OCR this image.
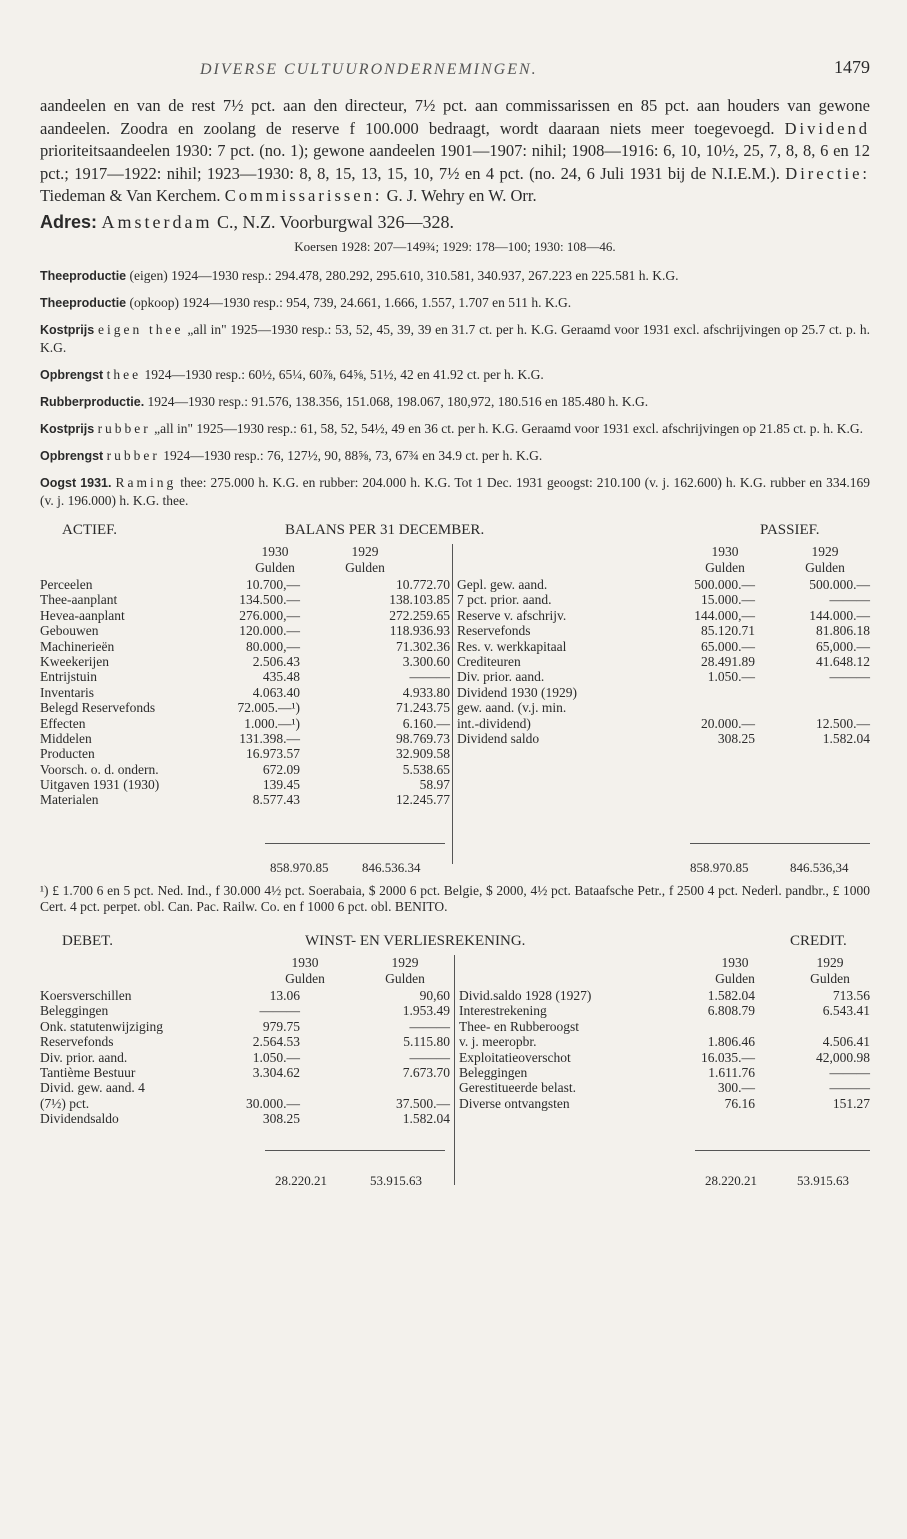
DIVERSE CULTUURONDERNEMINGEN.	1479

aandeelen en van de rest 7½ pct. aan den directeur, 7½ pct. aan commissarissen en 85 pct. aan houders van gewone aandeelen. Zoodra en zoolang de reserve f 100.000 bedraagt, wordt daaraan niets meer toegevoegd. Dividend prioriteitsaandeelen 1930: 7 pct. (no. 1); gewone aandeelen 1901—1907: nihil; 1908—1916: 6, 10, 10½, 25, 7, 8, 8, 6 en 12 pct.; 1917—1922: nihil; 1923—1930: 8, 8, 15, 13, 15, 10, 7½ en 4 pct. (no. 24, 6 Juli 1931 bij de N.I.E.M.). Directie: Tiedeman & Van Kerchem. Commissarissen: G. J. Wehry en W. Orr.

Adres: Amsterdam C., N.Z. Voorburgwal 326—328.

Koersen 1928: 207—149¾; 1929: 178—100; 1930: 108—46.

Theeproductie (eigen) 1924—1930 resp.: 294.478, 280.292, 295.610, 310.581, 340.937, 267.223 en 225.581 h. K.G.

Theeproductie (opkoop) 1924—1930 resp.: 954, 739, 24.661, 1.666, 1.557, 1.707 en 511 h. K.G.

Kostprijs eigen thee „all in" 1925—1930 resp.: 53, 52, 45, 39, 39 en 31.7 ct. per h. K.G. Geraamd voor 1931 excl. afschrijvingen op 25.7 ct. p. h. K.G.

Opbrengst thee 1924—1930 resp.: 60½, 65¼, 60⅞, 64⅝, 51½, 42 en 41.92 ct. per h. K.G.

Rubberproductie. 1924—1930 resp.: 91.576, 138.356, 151.068, 198.067, 180,972, 180.516 en 185.480 h. K.G.

Kostprijs rubber „all in" 1925—1930 resp.: 61, 58, 52, 54½, 49 en 36 ct. per h. K.G. Geraamd voor 1931 excl. afschrijvingen op 21.85 ct. p. h. K.G.

Opbrengst rubber 1924—1930 resp.: 76, 127½, 90, 88⅝, 73, 67¾ en 34.9 ct. per h. K.G.

Oogst 1931. Raming thee: 275.000 h. K.G. en rubber: 204.000 h. K.G. Tot 1 Dec. 1931 geoogst: 210.100 (v. j. 162.600) h. K.G. rubber en 334.169 (v. j. 196.000) h. K.G. thee.

ACTIEF.	BALANS PER 31 DECEMBER.	PASSIEF.
1930	1929	1930	1929
Gulden	Gulden	Gulden	Gulden
Perceelen	10.700,—	10.772.70
Thee-aanplant	134.500.—	138.103.85
Hevea-aanplant	276.000,—	272.259.65
Gebouwen	120.000.—	118.936.93
Machinerieën	80.000,—	71.302.36
Kweekerijen	2.506.43	3.300.60
Entrijstuin	435.48	———
Inventaris	4.063.40	4.933.80
Belegd Reservefonds	72.005.—¹)	71.243.75
Effecten	1.000.—¹)	6.160.—
Middelen	131.398.—	98.769.73
Producten	16.973.57	32.909.58
Voorsch. o. d. ondern.	672.09	5.538.65
Uitgaven 1931 (1930)	139.45	58.97
Materialen	8.577.43	12.245.77
Gepl. gew. aand.	500.000.—	500.000.—
7 pct. prior. aand.	15.000.—	———
Reserve v. afschrijv.	144.000,—	144.000.—
Reservefonds	85.120.71	81.806.18
Res. v. werkkapitaal	65.000.—	65,000.—
Crediteuren	28.491.89	41.648.12
Div. prior. aand.	1.050.—	———
Dividend 1930 (1929)
gew. aand. (v.j. min.
int.-dividend)	20.000.—	12.500.—
Dividend saldo	308.25	1.582.04
858.970.85	846.536.34	858.970.85	846.536,34

¹) £ 1.700 6 en 5 pct. Ned. Ind., f 30.000 4½ pct. Soerabaia, $ 2000 6 pct. Belgie, $ 2000, 4½ pct. Bataafsche Petr., f 2500 4 pct. Nederl. pandbr., £ 1000 Cert. 4 pct. perpet. obl. Can. Pac. Railw. Co. en f 1000 6 pct. obl. BENITO.

DEBET.	WINST- EN VERLIESREKENING.	CREDIT.
1930	1929	1930	1929
Gulden	Gulden	Gulden	Gulden
Koersverschillen	13.06	90,60
Beleggingen	———	1.953.49
Onk. statutenwijziging	979.75	———
Reservefonds	2.564.53	5.115.80
Div. prior. aand.	1.050.—	———
Tantième Bestuur	3.304.62	7.673.70
Divid. gew. aand. 4
(7½) pct.	30.000.—	37.500.—
Dividendsaldo	308.25	1.582.04
Divid.saldo 1928 (1927)	1.582.04	713.56
Interestrekening	6.808.79	6.543.41
Thee- en Rubberoogst
v. j. meeropbr.	1.806.46	4.506.41
Exploitatieoverschot	16.035.—	42,000.98
Beleggingen	1.611.76	———
Gerestitueerde belast.	300.—	———
Diverse ontvangsten	76.16	151.27
28.220.21	53.915.63	28.220.21	53.915.63
